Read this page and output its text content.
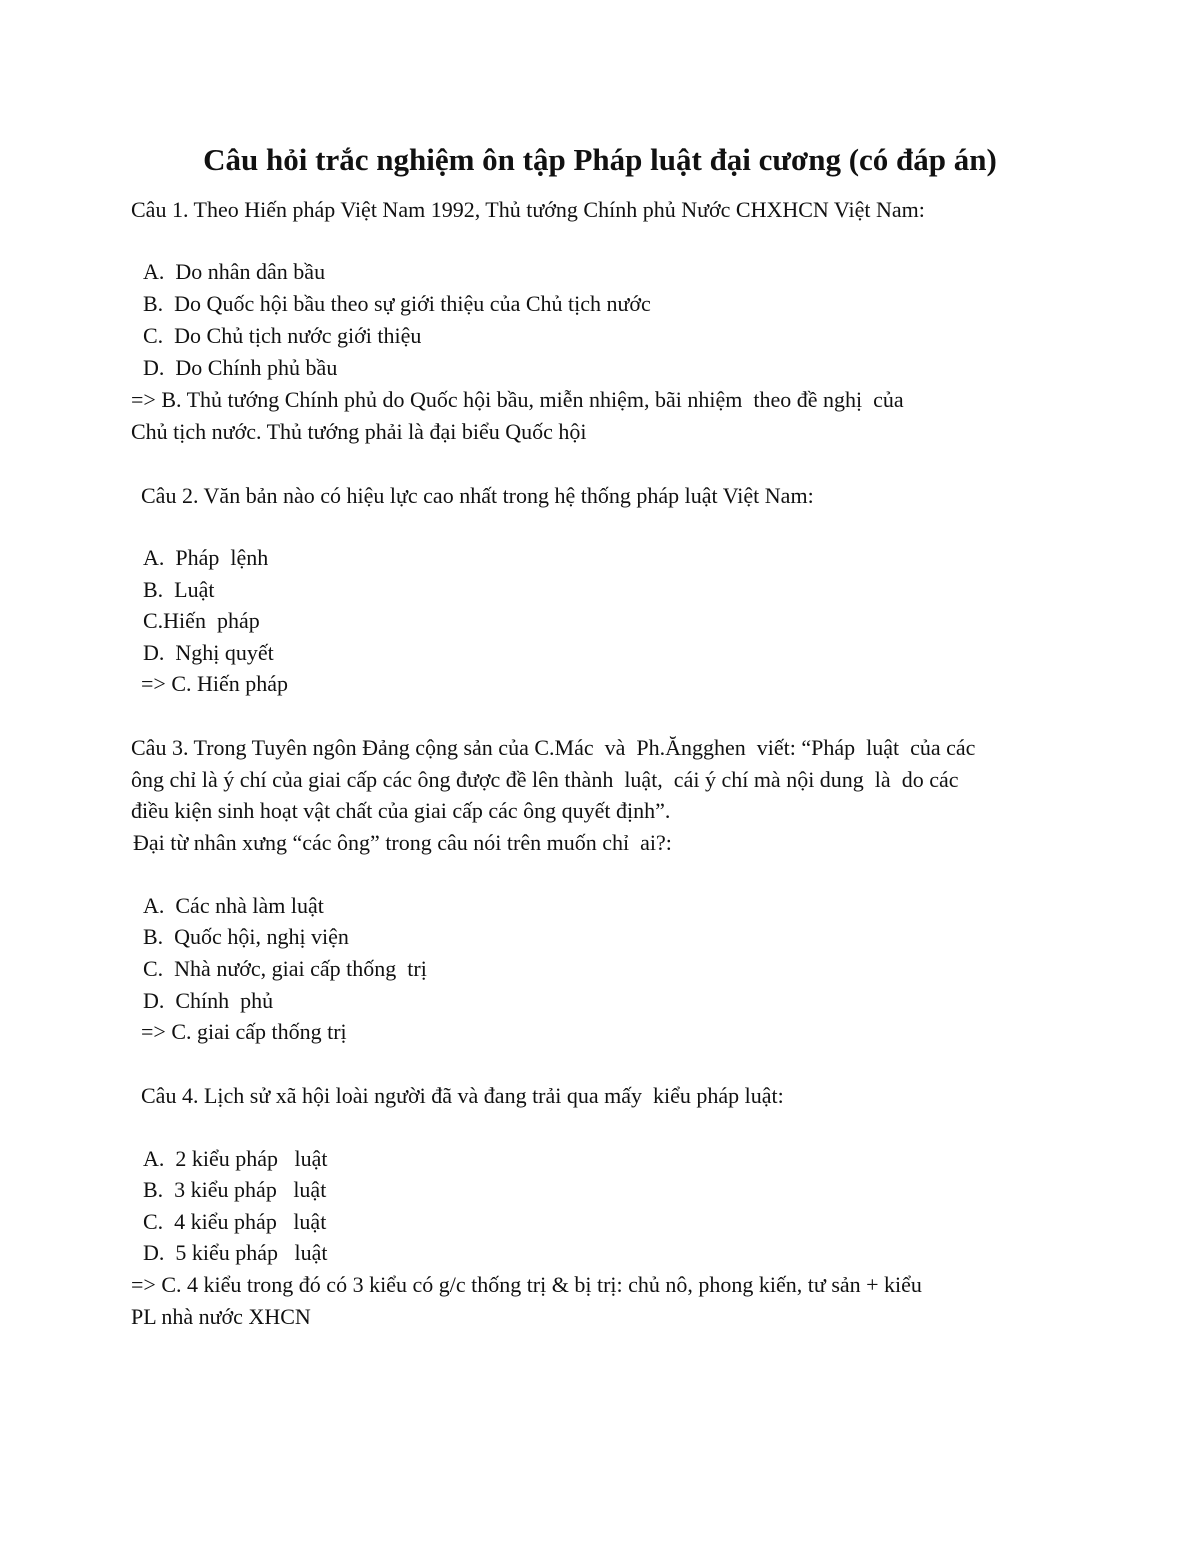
Câu hỏi trắc nghiệm ôn tập Pháp luật đại cương (có đáp án)

Câu 1. Theo Hiến pháp Việt Nam 1992, Thủ tướng Chính phủ Nước CHXHCN Việt Nam:

A.  Do nhân dân bầu

B.  Do Quốc hội bầu theo sự giới thiệu của Chủ tịch nước

C.  Do Chủ tịch nước giới thiệu

D.  Do Chính phủ bầu

=> B. Thủ tướng Chính phủ do Quốc hội bầu, miễn nhiệm, bãi nhiệm  theo đề nghị  của

Chủ tịch nước. Thủ tướng phải là đại biểu Quốc hội

Câu 2. Văn bản nào có hiệu lực cao nhất trong hệ thống pháp luật Việt Nam:

A.  Pháp  lệnh

B.  Luật

C.Hiến  pháp

D.  Nghị quyết

=> C. Hiến pháp

Câu 3. Trong Tuyên ngôn Đảng cộng sản của C.Mác  và  Ph.Ăngghen  viết: “Pháp  luật  của các

ông chỉ là ý chí của giai cấp các ông được đề lên thành  luật,  cái ý chí mà nội dung  là  do các

điều kiện sinh hoạt vật chất của giai cấp các ông quyết định”.

Đại từ nhân xưng “các ông” trong câu nói trên muốn chỉ  ai?:

A.  Các nhà làm luật

B.  Quốc hội, nghị viện

C.  Nhà nước, giai cấp thống  trị

D.  Chính  phủ

=> C. giai cấp thống trị

Câu 4. Lịch sử xã hội loài người đã và đang trải qua mấy  kiểu pháp luật:

A.  2 kiểu pháp   luật

B.  3 kiểu pháp   luật

C.  4 kiểu pháp   luật

D.  5 kiểu pháp   luật

=> C. 4 kiểu trong đó có 3 kiểu có g/c thống trị & bị trị: chủ nô, phong kiến, tư sản + kiểu

PL nhà nước XHCN
